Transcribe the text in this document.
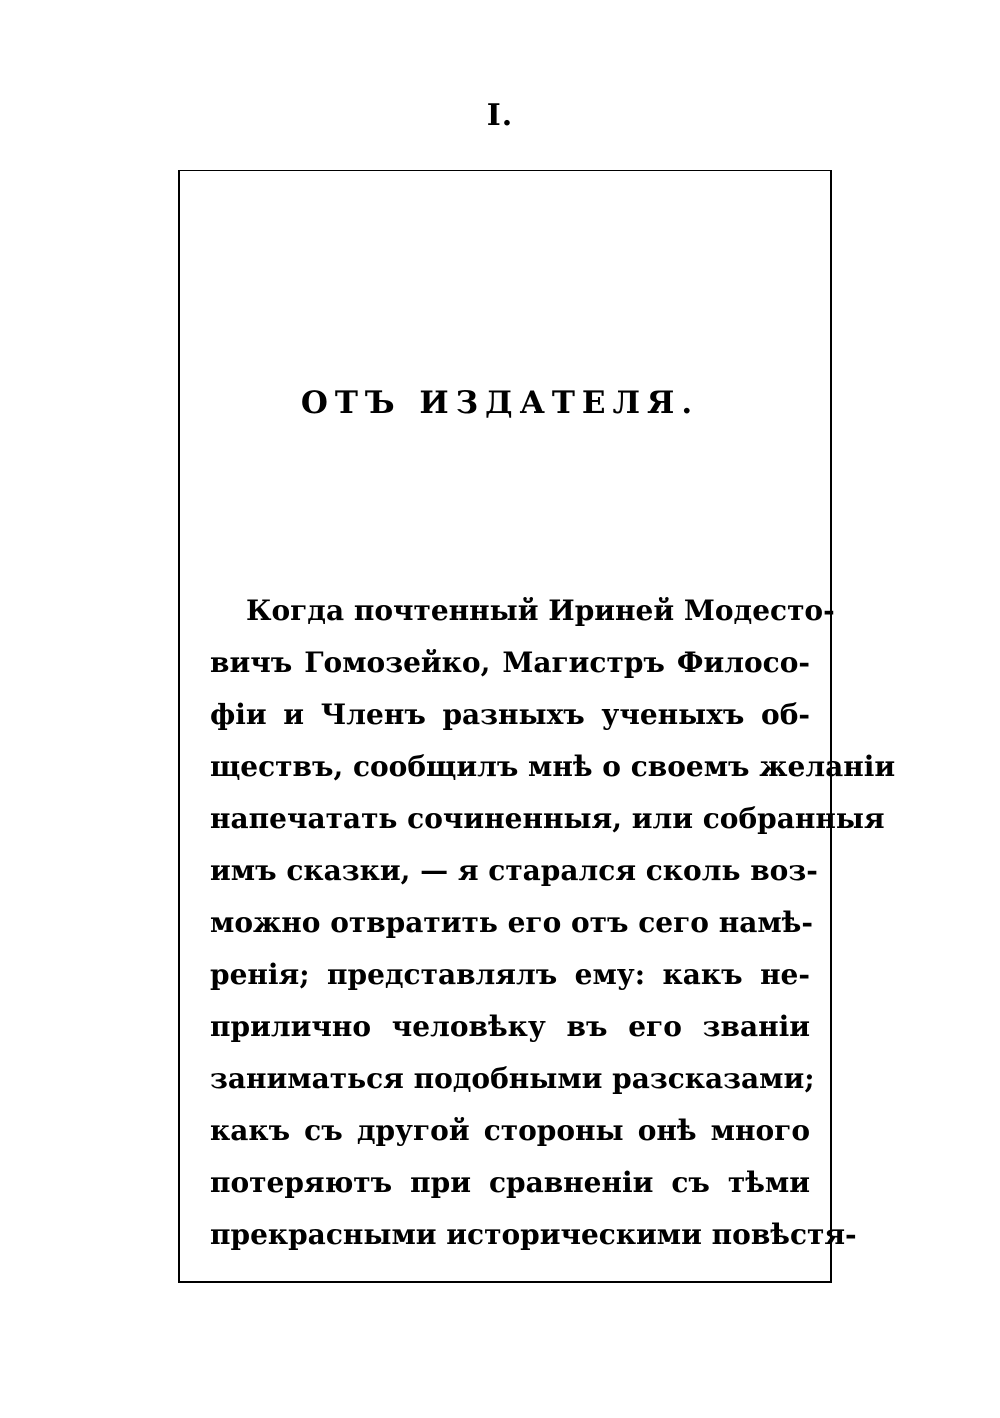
I.
ОТЪ ИЗДАТЕЛЯ.
Когда почтенный Ириней Модесто-
вичъ Гомозейко, Магистръ Филосо-
фіи и Членъ разныхъ ученыхъ об-
ществъ, сообщилъ мнѣ о своемъ желаніи
напечатать сочиненныя, или собранныя
имъ сказки, — я старался сколь воз-
можно отвратить его отъ сего намѣ-
ренія; представлялъ ему: какъ не-
прилично человѣку въ его званіи
заниматься подобными разсказами;
какъ съ другой стороны онѣ много
потеряютъ при сравненіи съ тѣми
прекрасными историческими повѣстя-
